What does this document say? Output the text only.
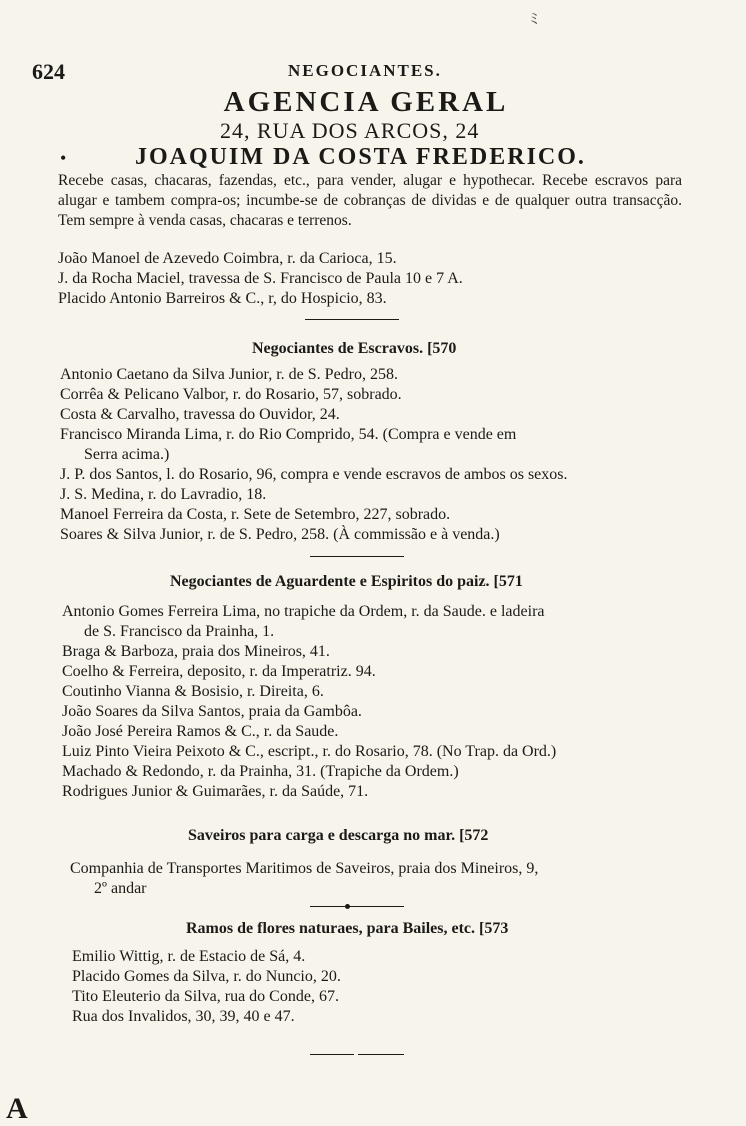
ﾐ
624	NEGOCIANTES.
AGENCIA GERAL
24, RUA DOS ARCOS, 24
•	JOAQUIM DA COSTA FREDERICO.
Recebe casas, chacaras, fazendas, etc., para vender, alugar e hypothecar. Recebe escravos para alugar e tambem compra-os; incumbe-se de cobranças de dividas e de qualquer outra transacção. Tem sempre à venda casas, chacaras e terrenos.
João Manoel de Azevedo Coimbra, r. da Carioca, 15.
J. da Rocha Maciel, travessa de S. Francisco de Paula 10 e 7 A.
Placido Antonio Barreiros & C., r, do Hospicio, 83.
Negociantes de Escravos. [570
Antonio Caetano da Silva Junior, r. de S. Pedro, 258.
Corrêa & Pelicano Valbor, r. do Rosario, 57, sobrado.
Costa & Carvalho, travessa do Ouvidor, 24.
Francisco Miranda Lima, r. do Rio Comprido, 54. (Compra e vende em
Serra acima.)
J. P. dos Santos, l. do Rosario, 96, compra e vende escravos de ambos os sexos.
J. S. Medina, r. do Lavradio, 18.
Manoel Ferreira da Costa, r. Sete de Setembro, 227, sobrado.
Soares & Silva Junior, r. de S. Pedro, 258. (À commissão e à venda.)
Negociantes de Aguardente e Espiritos do paiz. [571
Antonio Gomes Ferreira Lima, no trapiche da Ordem, r. da Saude. e ladeira
de S. Francisco da Prainha, 1.
Braga & Barboza, praia dos Mineiros, 41.
Coelho & Ferreira, deposito, r. da Imperatriz. 94.
Coutinho Vianna & Bosisio, r. Direita, 6.
João Soares da Silva Santos, praia da Gambôa.
João José Pereira Ramos & C., r. da Saude.
Luiz Pinto Vieira Peixoto & C., escript., r. do Rosario, 78. (No Trap. da Ord.)
Machado & Redondo, r. da Prainha, 31. (Trapiche da Ordem.)
Rodrigues Junior & Guimarães, r. da Saúde, 71.
Saveiros para carga e descarga no mar. [572
Companhia de Transportes Maritimos de Saveiros, praia dos Mineiros, 9,
2º andar
Ramos de flores naturaes, para Bailes, etc. [573
Emilio Wittig, r. de Estacio de Sá, 4.
Placido Gomes da Silva, r. do Nuncio, 20.
Tito Eleuterio da Silva, rua do Conde, 67.
Rua dos Invalidos, 30, 39, 40 e 47.
A
